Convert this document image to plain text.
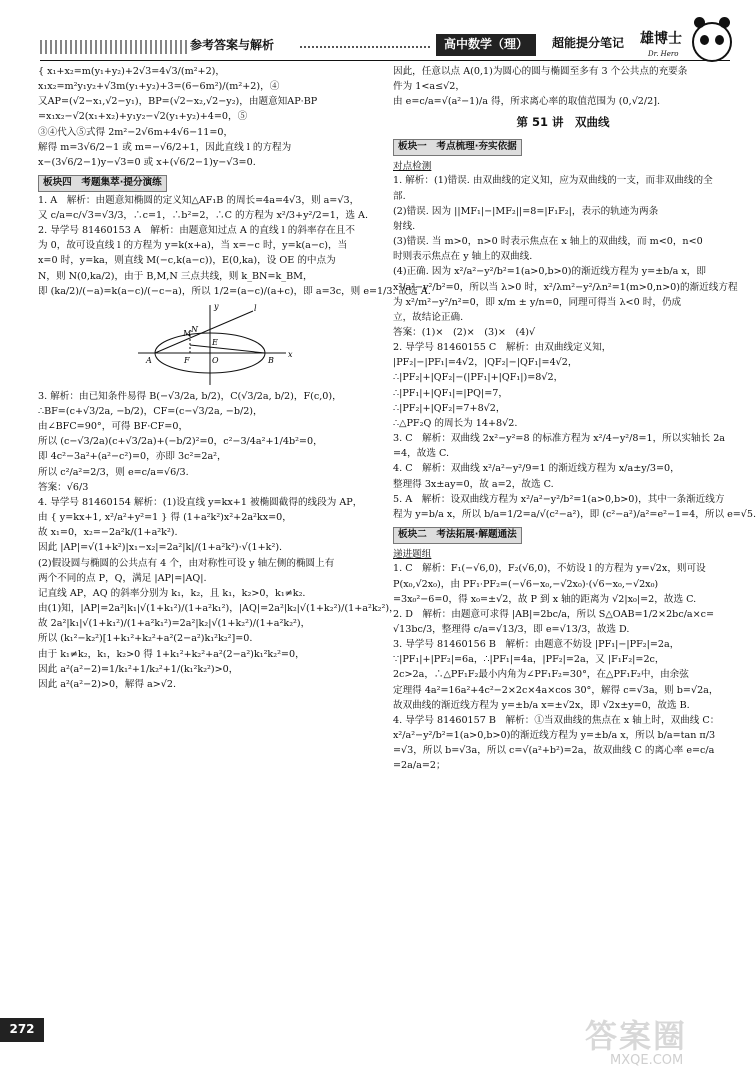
参考答案与解析	高中数学（理）	超能提分笔记 雄博士
Dr. Hero
{ x₁+x₂=m(y₁+y₂)+2√3=4√3/(m²+2)，
x₁x₂=m²y₁y₂+√3m(y₁+y₂)+3=(6−6m²)/(m²+2)，④
又AP=(√2−x₁,√2−y₁)，BP=(√2−x₂,√2−y₂)，由题意知AP·BP
=x₁x₂−√2(x₁+x₂)+y₁y₂−√2(y₁+y₂)+4=0，⑤
③④代入⑤式得 2m²−2√6m+4√6−11=0，
解得 m=3√6/2−1 或 m=−√6/2+1，因此直线 l 的方程为
x−(3√6/2−1)y−√3=0 或 x+(√6/2−1)y−√3=0.
板块四　考题集萃·提分演练
1. A　解析：由题意知椭圆的定义知△AF₁B 的周长=4a=4√3，则 a=√3，
又 c/a=c/√3=√3/3，∴c=1，∴b²=2，∴C 的方程为 x²/3+y²/2=1，选 A.
2. 导学号 81460153 A　解析：由题意知过点 A 的直线 l 的斜率存在且不
为 0，故可设直线 l 的方程为 y=k(x+a)，当 x=−c 时，y=k(a−c)，当
x=0 时，y=ka，则直线 M(−c,k(a−c))，E(0,ka)，设 OE 的中点为
N，则 N(0,ka/2)，由于 B,M,N 三点共线，则 k_BN=k_BM，
即 (ka/2)/(−a)=k(a−c)/(−c−a)，所以 1/2=(a−c)/(a+c)，即 a=3c，则 e=1/3. 故选 A.
y
x
l
M N
E
A	F	O	B
3. 解析：由已知条件易得 B(−√3/2a, b/2)，C(√3/2a, b/2)，F(c,0)，
∴BF=(c+√3/2a, −b/2)，CF=(c−√3/2a, −b/2)，
由∠BFC=90°，可得 BF·CF=0，
所以 (c−√3/2a)(c+√3/2a)+(−b/2)²=0，c²−3/4a²+1/4b²=0，
即 4c²−3a²+(a²−c²)=0，亦即 3c²=2a²，
所以 c²/a²=2/3，则 e=c/a=√6/3.
答案：√6/3
4. 导学号 81460154 解析：(1)设直线 y=kx+1 被椭圆截得的线段为 AP，
由 { y=kx+1, x²/a²+y²=1 } 得 (1+a²k²)x²+2a²kx=0，
故 x₁=0，x₂=−2a²k/(1+a²k²).
因此 |AP|=√(1+k²)|x₁−x₂|=2a²|k|/(1+a²k²)·√(1+k²).
(2)假设圆与椭圆的公共点有 4 个，由对称性可设 y 轴左侧的椭圆上有
两个不同的点 P，Q，满足 |AP|=|AQ|.
记直线 AP，AQ 的斜率分别为 k₁，k₂，且 k₁，k₂>0，k₁≠k₂.
由(1)知，|AP|=2a²|k₁|√(1+k₁²)/(1+a²k₁²)，|AQ|=2a²|k₂|√(1+k₂²)/(1+a²k₂²)，
故 2a²|k₁|√(1+k₁²)/(1+a²k₁²)=2a²|k₂|√(1+k₂²)/(1+a²k₂²)，
所以 (k₁²−k₂²)[1+k₁²+k₂²+a²(2−a²)k₁²k₂²]=0.
由于 k₁≠k₂，k₁，k₂>0 得 1+k₁²+k₂²+a²(2−a²)k₁²k₂²=0，
因此 a²(a²−2)=1/k₁²+1/k₂²+1/(k₁²k₂²)>0，
因此 a²(a²−2)>0，解得 a>√2.
因此，任意以点 A(0,1)为圆心的圆与椭圆至多有 3 个公共点的充要条
件为 1<a≤√2，
由 e=c/a=√(a²−1)/a 得，所求离心率的取值范围为 (0,√2/2].
第 51 讲　双曲线
板块一　考点梳理·夯实依据
对点检测
1. 解析：(1)错误. 由双曲线的定义知，应为双曲线的一支，而非双曲线的全
部.
(2)错误. 因为 ||MF₁|−|MF₂||=8=|F₁F₂|，表示的轨迹为两条
射线.
(3)错误. 当 m>0，n>0 时表示焦点在 x 轴上的双曲线，而 m<0，n<0
时则表示焦点在 y 轴上的双曲线.
(4)正确. 因为 x²/a²−y²/b²=1(a>0,b>0)的渐近线方程为 y=±b/a x，即
x²/a²−y²/b²=0，所以当 λ>0 时，x²/λm²−y²/λn²=1(m>0,n>0)的渐近线方程
为 x²/m²−y²/n²=0，即 x/m ± y/n=0，同理可得当 λ<0 时，仍成
立，故结论正确.
答案：(1)×　(2)×　(3)×　(4)√
2. 导学号 81460155 C　解析：由双曲线定义知，
|PF₂|−|PF₁|=4√2，|QF₂|−|QF₁|=4√2，
∴|PF₂|+|QF₂|−(|PF₁|+|QF₁|)=8√2，
∴|PF₁|+|QF₁|=|PQ|=7，
∴|PF₂|+|QF₂|=7+8√2，
∴△PF₂Q 的周长为 14+8√2.
3. C　解析：双曲线 2x²−y²=8 的标准方程为 x²/4−y²/8=1，所以实轴长 2a
=4，故选 C.
4. C　解析：双曲线 x²/a²−y²/9=1 的渐近线方程为 x/a±y/3=0，
整理得 3x±ay=0，故 a=2，故选 C.
5. A　解析：设双曲线方程为 x²/a²−y²/b²=1(a>0,b>0)，其中一条渐近线方
程为 y=b/a x，所以 b/a=1/2=a/√(c²−a²)，即 (c²−a²)/a²=e²−1=4，所以 e=√5.
板块二　考法拓展·解题通法
递进题组
1. C　解析：F₁(−√6,0)，F₂(√6,0)，不妨设 l 的方程为 y=√2x，则可设
P(x₀,√2x₀)，由 PF₁·PF₂=(−√6−x₀,−√2x₀)·(√6−x₀,−√2x₀)
=3x₀²−6=0，得 x₀=±√2，故 P 到 x 轴的距离为 √2|x₀|=2，故选 C.
2. D　解析：由题意可求得 |AB|=2bc/a，所以 S△OAB=1/2×2bc/a×c=
√13bc/3，整理得 c/a=√13/3，即 e=√13/3，故选 D.
3. 导学号 81460156 B　解析：由题意不妨设 |PF₁|−|PF₂|=2a，
∵|PF₁|+|PF₂|=6a，∴|PF₁|=4a，|PF₂|=2a，又 |F₁F₂|=2c，
2c>2a，∴△PF₁F₂最小内角为∠PF₁F₂=30°，在△PF₁F₂中，由余弦
定理得 4a²=16a²+4c²−2×2c×4a×cos 30°，解得 c=√3a，则 b=√2a，
故双曲线的渐近线方程为 y=±b/a x=±√2x，即 √2x±y=0，故选 B.
4. 导学号 81460157 B　解析：①当双曲线的焦点在 x 轴上时，双曲线 C：
x²/a²−y²/b²=1(a>0,b>0)的渐近线方程为 y=±b/a x，所以 b/a=tan π/3
=√3，所以 b=√3a，所以 c=√(a²+b²)=2a，故双曲线 C 的离心率 e=c/a
=2a/a=2；
272	答案圈
MXQE.COM
